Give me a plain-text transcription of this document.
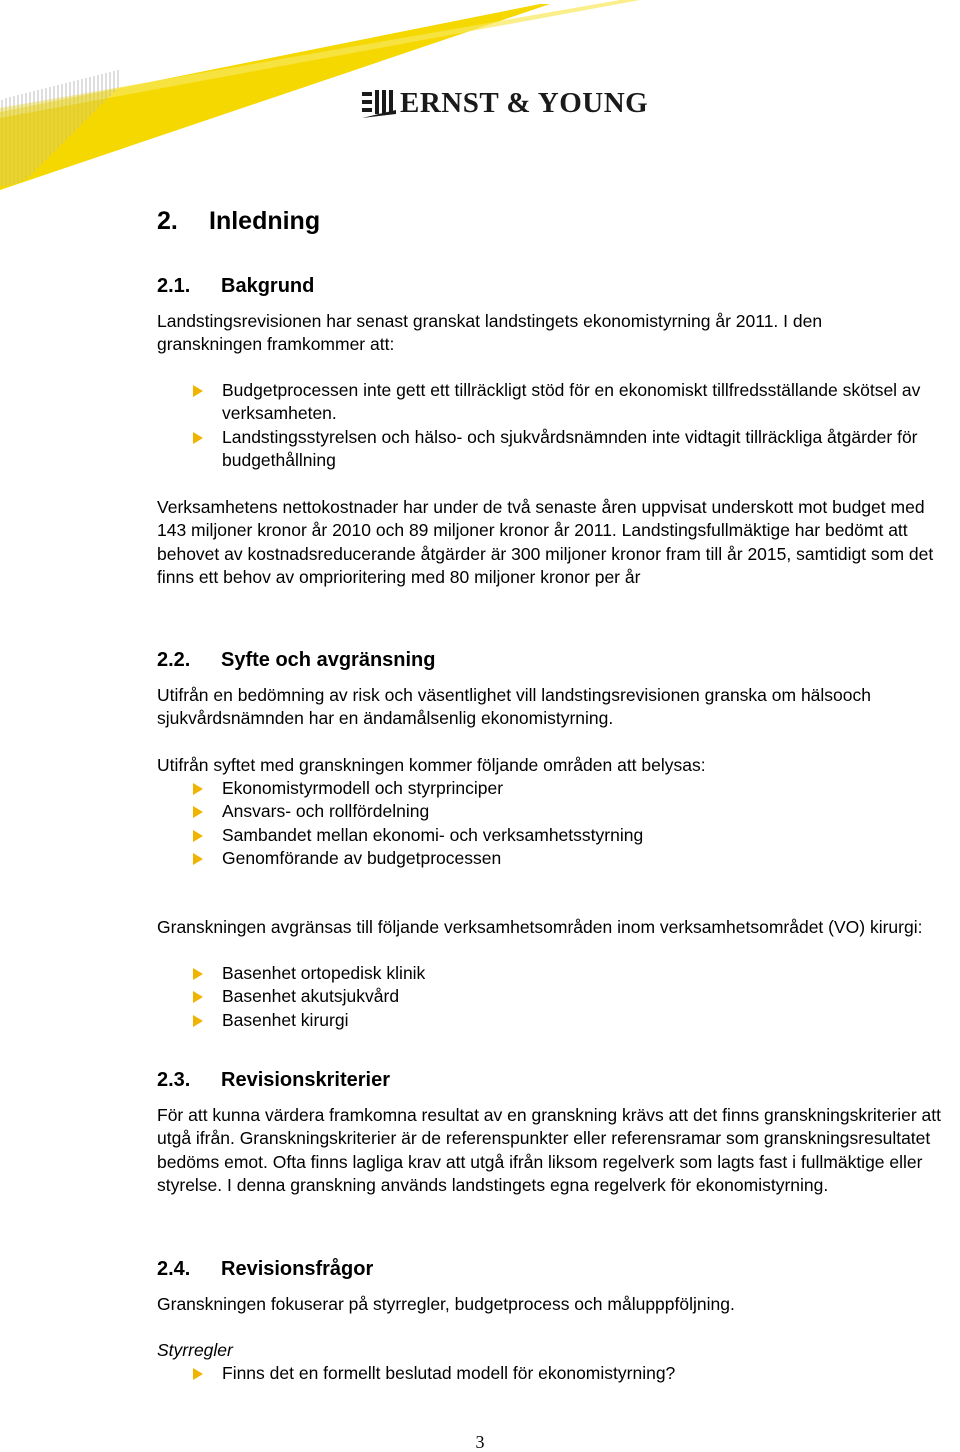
ERNST & YOUNG
2.	Inledning
2.1.	Bakgrund

Landstingsrevisionen har senast granskat landstingets ekonomistyrning år 2011. I den granskningen framkommer att:

Budgetprocessen inte gett ett tillräckligt stöd för en ekonomiskt tillfredsställande skötsel av verksamheten.
Landstingsstyrelsen och hälso- och sjukvårdsnämnden inte vidtagit tillräckliga åtgärder för budgethållning

Verksamhetens nettokostnader har under de två senaste åren uppvisat underskott mot budget med 143 miljoner kronor år 2010 och 89 miljoner kronor år 2011. Landstingsfullmäktige har bedömt att behovet av kostnadsreducerande åtgärder är 300 miljoner kronor fram till år 2015, samtidigt som det finns ett behov av omprioritering med 80 miljoner kronor per år

2.2.	Syfte och avgränsning

Utifrån en bedömning av risk och väsentlighet vill landstingsrevisionen granska om hälsooch sjukvårdsnämnden har en ändamålsenlig ekonomistyrning.

Utifrån syftet med granskningen kommer följande områden att belysas:

Ekonomistyrmodell och styrprinciper
Ansvars- och rollfördelning
Sambandet mellan ekonomi- och verksamhetsstyrning
Genomförande av budgetprocessen

Granskningen avgränsas till följande verksamhetsområden inom verksamhetsområdet (VO) kirurgi:

Basenhet ortopedisk klinik
Basenhet akutsjukvård
Basenhet kirurgi
2.3.	Revisionskriterier

För att kunna värdera framkomna resultat av en granskning krävs att det finns granskningskriterier att utgå ifrån. Granskningskriterier är de referenspunkter eller referensramar som granskningsresultatet bedöms emot. Ofta finns lagliga krav att utgå ifrån liksom regelverk som lagts fast i fullmäktige eller styrelse. I denna granskning används landstingets egna regelverk för ekonomistyrning.

2.4.	Revisionsfrågor

Granskningen fokuserar på styrregler, budgetprocess och målupppföljning.

Styrregler

Finns det en formellt beslutad modell för ekonomistyrning?
3
